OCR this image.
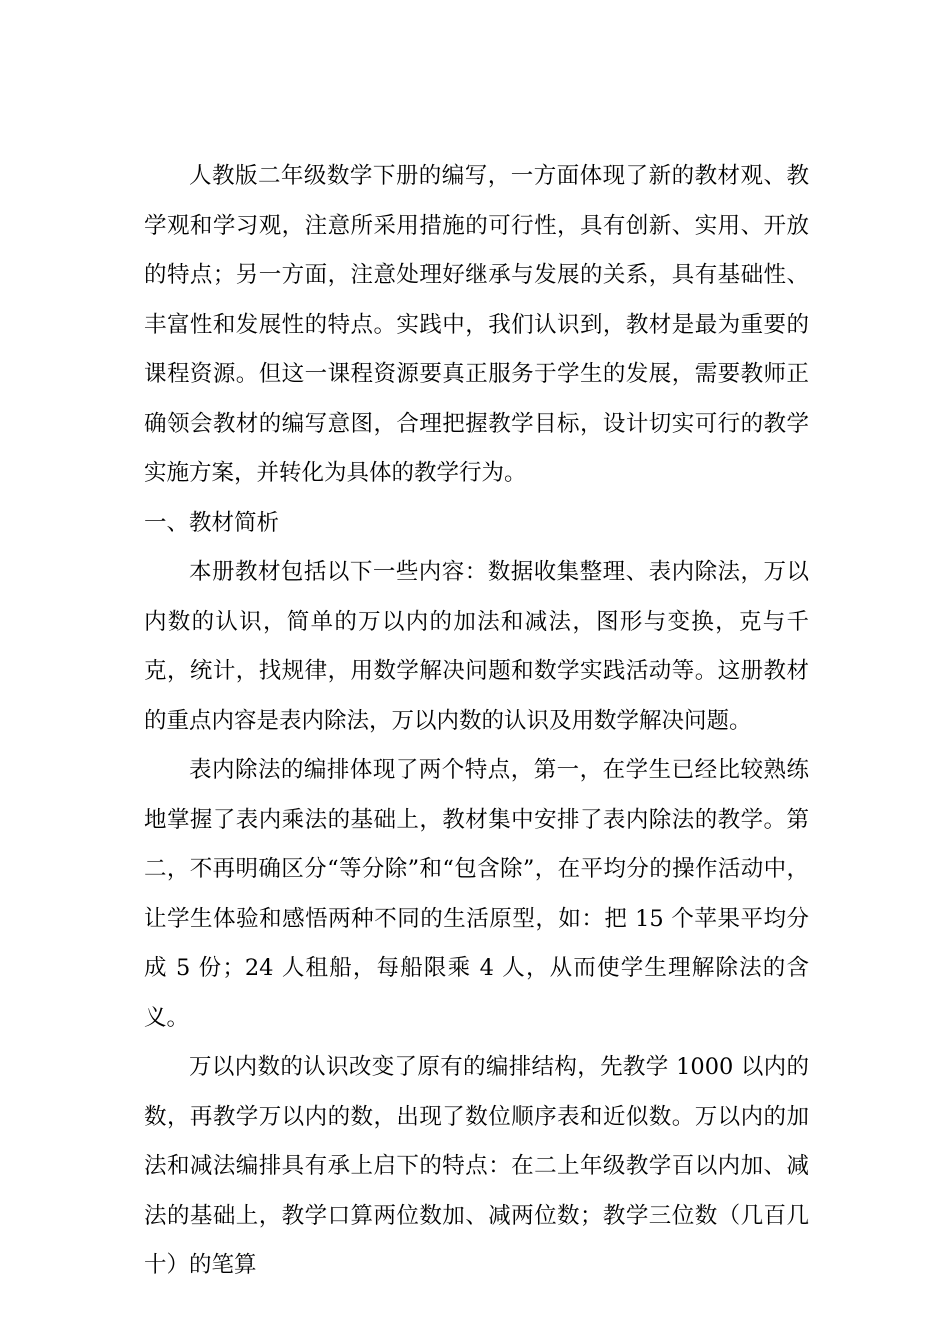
人教版二年级数学下册的编写，一方面体现了新的教材观、教学观和学习观，注意所采用措施的可行性，具有创新、实用、开放的特点；另一方面，注意处理好继承与发展的关系，具有基础性、丰富性和发展性的特点。实践中，我们认识到，教材是最为重要的课程资源。但这一课程资源要真正服务于学生的发展，需要教师正确领会教材的编写意图，合理把握教学目标，设计切实可行的教学实施方案，并转化为具体的教学行为。

一、教材简析

本册教材包括以下一些内容：数据收集整理、表内除法，万以内数的认识，简单的万以内的加法和减法，图形与变换，克与千克，统计，找规律，用数学解决问题和数学实践活动等。这册教材的重点内容是表内除法，万以内数的认识及用数学解决问题。

表内除法的编排体现了两个特点，第一，在学生已经比较熟练地掌握了表内乘法的基础上，教材集中安排了表内除法的教学。第二，不再明确区分“等分除”和“包含除”，在平均分的操作活动中，让学生体验和感悟两种不同的生活原型，如：把 15 个苹果平均分成 5 份；24 人租船，每船限乘 4 人，从而使学生理解除法的含义。

万以内数的认识改变了原有的编排结构，先教学 1000 以内的数，再教学万以内的数，出现了数位顺序表和近似数。万以内的加法和减法编排具有承上启下的特点：在二上年级教学百以内加、减法的基础上，教学口算两位数加、减两位数；教学三位数（几百几十）的笔算
